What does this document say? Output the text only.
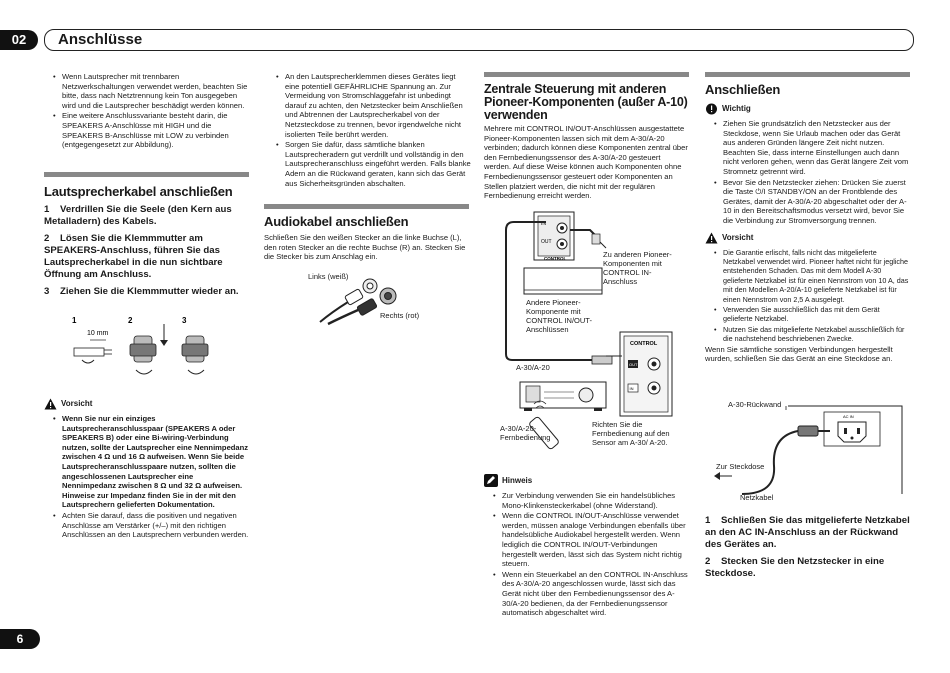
02	Anschlüsse
• Wenn Lautsprecher mit trennbaren Netzwerkschaltungen verwendet werden, beachten Sie bitte, dass nach Netztrennung kein Ton ausgegeben wird und die Lautsprecher beschädigt werden können.
• Eine weitere Anschlussvariante besteht darin, die SPEAKERS A-Anschlüsse mit HIGH und die SPEAKERS B-Anschlüsse mit LOW zu verbinden (entgegengesetzt zur Abbildung).
Lautsprecherkabel anschließen
1 Verdrillen Sie die Seele (den Kern aus Metalladern) des Kabels.
2 Lösen Sie die Klemmmutter am SPEAKERS-Anschluss, führen Sie das Lautsprecherkabel in die nun sichtbare Öffnung am Anschluss.
3 Ziehen Sie die Klemmmutter wieder an.
1	2	3
10 mm
Vorsicht
• Wenn Sie nur ein einziges Lautsprecheranschlusspaar (SPEAKERS A oder SPEAKERS B) oder eine Bi-wiring-Verbindung nutzen, sollte der Lautsprecher eine Nennimpedanz zwischen 4 Ω und 16 Ω aufweisen. Wenn Sie beide Lautsprecheranschlusspaare nutzen, sollten die angeschlossenen Lautsprecher eine Nennimpedanz zwischen 8 Ω und 32 Ω aufweisen. Hinweise zur Impedanz finden Sie in der mit den Lautsprechern gelieferten Dokumentation.
• Achten Sie darauf, dass die positiven und negativen Anschlüsse am Verstärker (+/–) mit den richtigen Anschlüssen an den Lautsprechern verbunden werden.
• An den Lautsprecherklemmen dieses Gerätes liegt eine potentiell GEFÄHRLICHE Spannung an. Zur Vermeidung von Stromschlaggefahr ist unbedingt darauf zu achten, den Netzstecker beim Anschließen und Abtrennen der Lautsprecherkabel von der Netzsteckdose zu trennen, bevor irgendwelche nicht isolierten Teile berührt werden.
• Sorgen Sie dafür, dass sämtliche blanken Lautsprecheradern gut verdrillt und vollständig in den Lautsprecheranschluss eingeführt werden. Falls blanke Adern an die Rückwand geraten, kann sich das Gerät aus Sicherheitsgründen abschalten.
Audiokabel anschließen
Schließen Sie den weißen Stecker an die linke Buchse (L), den roten Stecker an die rechte Buchse (R) an. Stecken Sie die Stecker bis zum Anschlag ein.
Links (weiß)
Rechts (rot)
Zentrale Steuerung mit anderen Pioneer-Komponenten (außer A-10) verwenden
Mehrere mit CONTROL IN/OUT-Anschlüssen ausgestattete Pioneer-Komponenten lassen sich mit dem A-30/A-20 verbinden; dadurch können diese Komponenten zentral über den Fernbedienungssensor des A-30/A-20 gesteuert werden. Auf diese Weise können auch Komponenten ohne Fernbedienungssensor gesteuert oder Komponenten an Stellen platziert werden, die nicht mit der regulären Fernbedienung erreicht werden.
IN
OUT
CONTROL
CONTROL
OUT
IN
Zu anderen Pioneer-Komponenten mit CONTROL IN-Anschluss
Andere Pioneer-Komponente mit CONTROL IN/OUT-Anschlüssen
A-30/A-20
A-30/A-20-Fernbedienung
Richten Sie die Fernbedienung auf den Sensor am A-30/ A-20.
Hinweis
• Zur Verbindung verwenden Sie ein handelsübliches Mono-Klinkensteckerkabel (ohne Widerstand).
• Wenn die CONTROL IN/OUT-Anschlüsse verwendet werden, müssen analoge Verbindungen ebenfalls über handelsübliche Audiokabel hergestellt werden. Wenn lediglich die CONTROL IN/OUT-Verbindungen hergestellt werden, lässt sich das System nicht richtig steuern.
• Wenn ein Steuerkabel an den CONTROL IN-Anschluss des A-30/A-20 angeschlossen wurde, lässt sich das Gerät nicht über den Fernbedienungssensor des A-30/A-20 bedienen, da der Fernbedienungssensor automatisch abgeschaltet wird.
Anschließen
Wichtig
• Ziehen Sie grundsätzlich den Netzstecker aus der Steckdose, wenn Sie Urlaub machen oder das Gerät aus anderen Gründen längere Zeit nicht nutzen. Beachten Sie, dass interne Einstellungen auch dann nicht verloren gehen, wenn das Gerät längere Zeit vom Stromnetz getrennt wird.
• Bevor Sie den Netzstecker ziehen: Drücken Sie zuerst die Taste ⏻/I STANDBY/ON an der Frontblende des Gerätes, damit der A-30/A-20 abgeschaltet oder der A-10 in den Bereitschaftsmodus versetzt wird, bevor Sie die Verbindung zur Stromversorgung trennen.
Vorsicht
• Die Garantie erlischt, falls nicht das mitgelieferte Netzkabel verwendet wird. Pioneer haftet nicht für jegliche entstehenden Schaden. Das mit dem Modell A-30 gelieferte Netzkabel ist für einen Nennstrom von 10 A, das mit den Modellen A-20/A-10 gelieferte Netzkabel ist für einen Nennstrom von 2,5 A ausgelegt.
• Verwenden Sie ausschließlich das mit dem Gerät gelieferte Netzkabel.
• Nutzen Sie das mitgelieferte Netzkabel ausschließlich für die nachstehend beschriebenen Zwecke.
Wenn Sie sämtliche sonstigen Verbindungen hergestellt wurden, schließen Sie das Gerät an eine Steckdose an.
A-30-Rückwand
Zur Steckdose
Netzkabel
AC IN
1 Schließen Sie das mitgelieferte Netzkabel an den AC IN-Anschluss an der Rückwand des Gerätes an.
2 Stecken Sie den Netzstecker in eine Steckdose.
6
